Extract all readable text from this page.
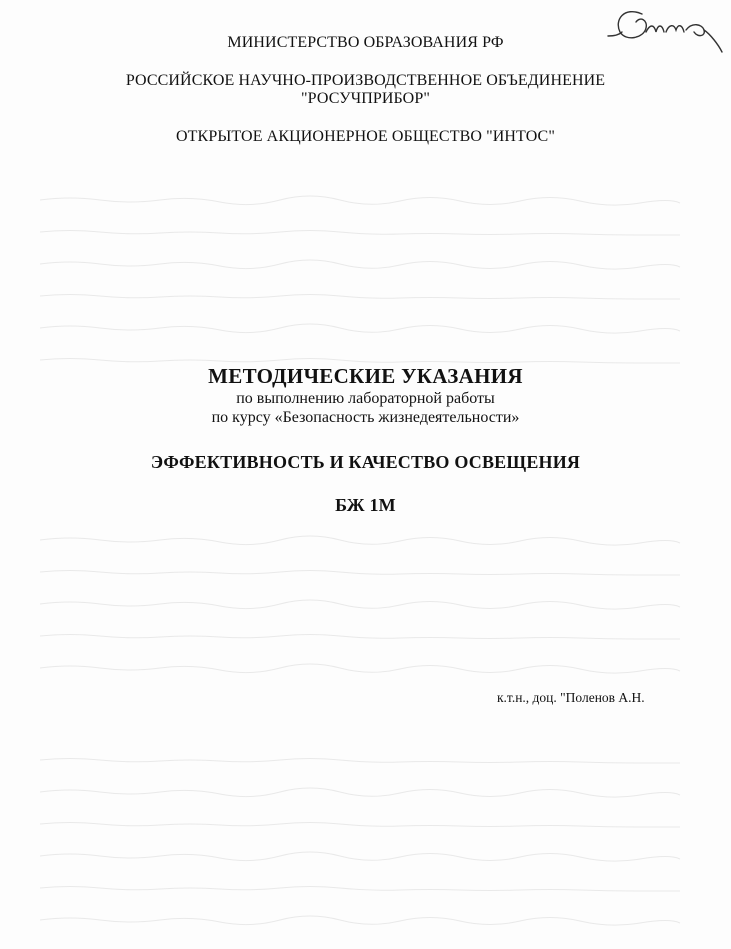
МИНИСТЕРСТВО ОБРАЗОВАНИЯ РФ
РОССИЙСКОЕ НАУЧНО-ПРОИЗВОДСТВЕННОЕ ОБЪЕДИНЕНИЕ
"РОСУЧПРИБОР"
ОТКРЫТОЕ АКЦИОНЕРНОЕ ОБЩЕСТВО "ИНТОС"
МЕТОДИЧЕСКИЕ УКАЗАНИЯ
по выполнению лабораторной работы
по курсу «Безопасность жизнедеятельности»
ЭФФЕКТИВНОСТЬ И КАЧЕСТВО ОСВЕЩЕНИЯ
БЖ 1М
к.т.н., доц. "Поленов А.Н.
